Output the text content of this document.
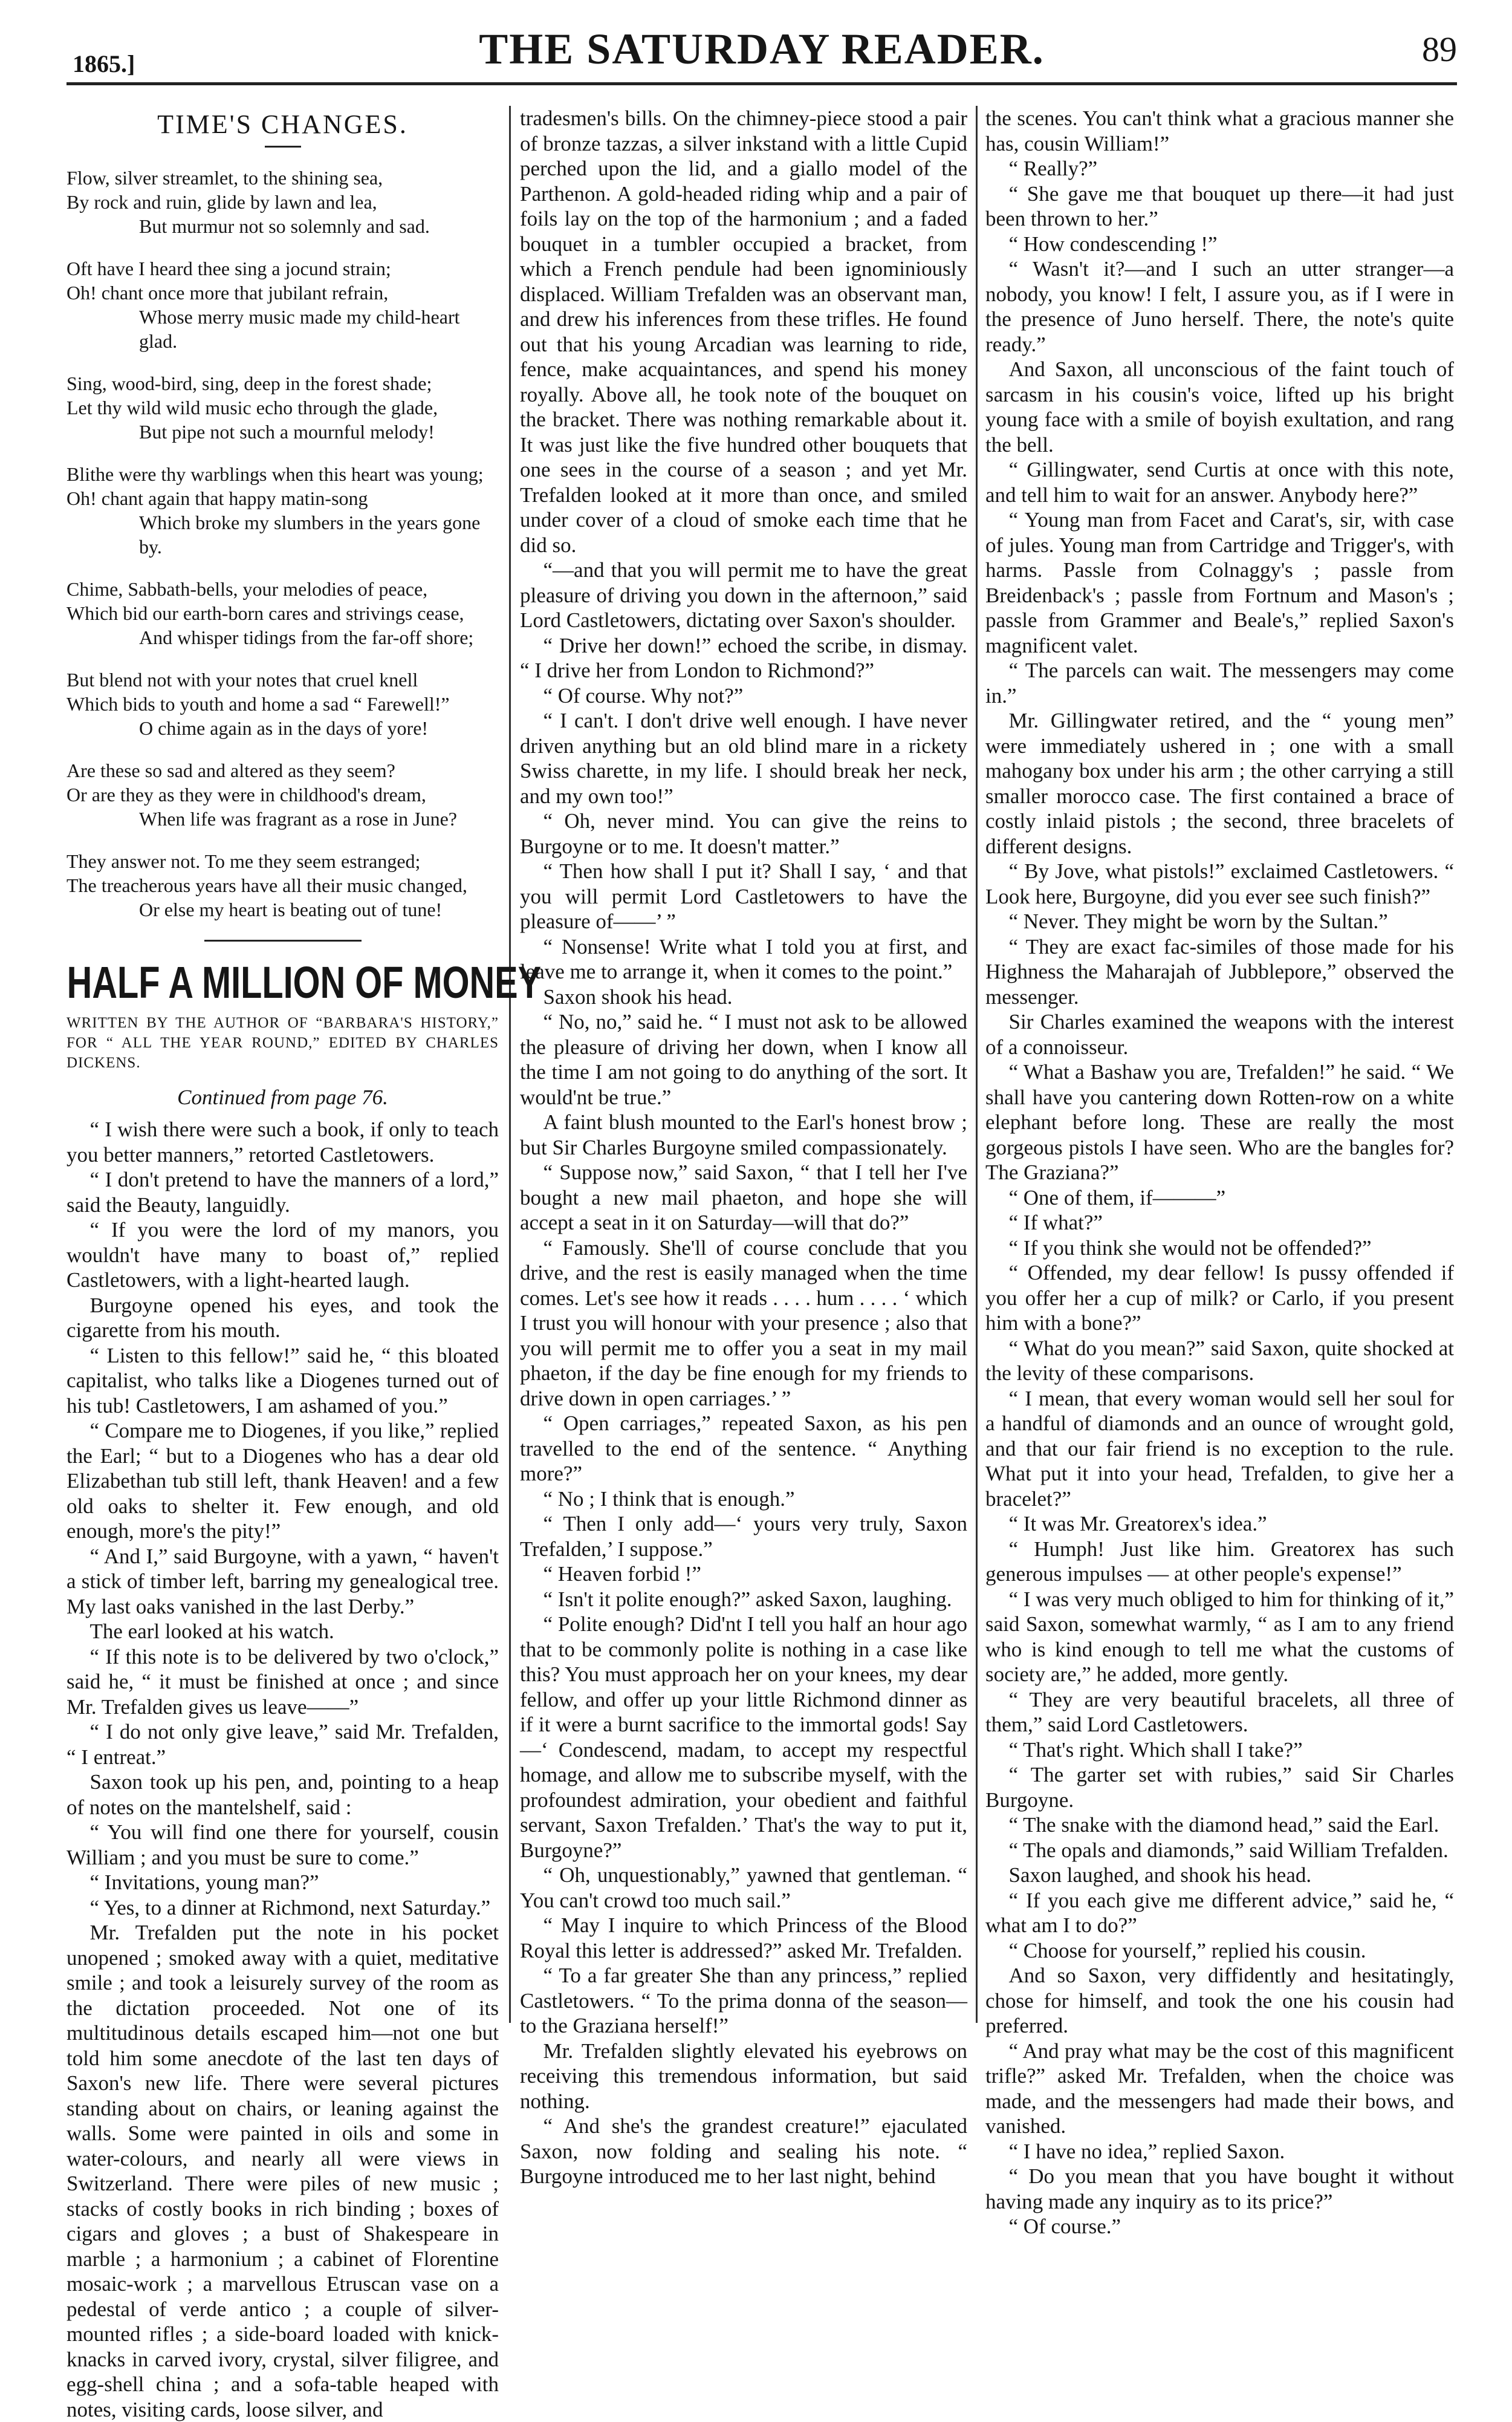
1865.]	THE SATURDAY READER.	89
TIME'S CHANGES.
Flow, silver streamlet, to the shining sea,
By rock and ruin, glide by lawn and lea,
But murmur not so solemnly and sad.
Oft have I heard thee sing a jocund strain;
Oh! chant once more that jubilant refrain,
Whose merry music made my child-heart glad.
Sing, wood-bird, sing, deep in the forest shade;
Let thy wild wild music echo through the glade,
But pipe not such a mournful melody!
Blithe were thy warblings when this heart was young;
Oh! chant again that happy matin-song
Which broke my slumbers in the years gone by.
Chime, Sabbath-bells, your melodies of peace,
Which bid our earth-born cares and strivings cease,
And whisper tidings from the far-off shore;
But blend not with your notes that cruel knell
Which bids to youth and home a sad “ Farewell!”
O chime again as in the days of yore!
Are these so sad and altered as they seem?
Or are they as they were in childhood's dream,
When life was fragrant as a rose in June?
They answer not. To me they seem estranged;
The treacherous years have all their music changed,
Or else my heart is beating out of tune!
HALF A MILLION OF MONEY
WRITTEN BY THE AUTHOR OF “BARBARA'S HISTORY,” FOR “ ALL THE YEAR ROUND,” EDITED BY CHARLES DICKENS.
Continued from page 76.

“ I wish there were such a book, if only to teach you better manners,” retorted Castletowers.

“ I don't pretend to have the manners of a lord,” said the Beauty, languidly.

“ If you were the lord of my manors, you wouldn't have many to boast of,” replied Castletowers, with a light-hearted laugh.

Burgoyne opened his eyes, and took the cigarette from his mouth.

“ Listen to this fellow!” said he, “ this bloated capitalist, who talks like a Diogenes turned out of his tub! Castletowers, I am ashamed of you.”

“ Compare me to Diogenes, if you like,” replied the Earl; “ but to a Diogenes who has a dear old Elizabethan tub still left, thank Heaven! and a few old oaks to shelter it. Few enough, and old enough, more's the pity!”

“ And I,” said Burgoyne, with a yawn, “ haven't a stick of timber left, barring my genealogical tree. My last oaks vanished in the last Derby.”

The earl looked at his watch.

“ If this note is to be delivered by two o'clock,” said he, “ it must be finished at once ; and since Mr. Trefalden gives us leave——”

“ I do not only give leave,” said Mr. Trefalden, “ I entreat.”

Saxon took up his pen, and, pointing to a heap of notes on the mantelshelf, said :

“ You will find one there for yourself, cousin William ; and you must be sure to come.”

“ Invitations, young man?”

“ Yes, to a dinner at Richmond, next Saturday.”

Mr. Trefalden put the note in his pocket unopened ; smoked away with a quiet, meditative smile ; and took a leisurely survey of the room as the dictation proceeded. Not one of its multitudinous details escaped him—not one but told him some anecdote of the last ten days of Saxon's new life. There were several pictures standing about on chairs, or leaning against the walls. Some were painted in oils and some in water-colours, and nearly all were views in Switzerland. There were piles of new music ; stacks of costly books in rich binding ; boxes of cigars and gloves ; a bust of Shakespeare in marble ; a harmonium ; a cabinet of Florentine mosaic-work ; a marvellous Etruscan vase on a pedestal of verde antico ; a couple of silver-mounted rifles ; a side-board loaded with knick-knacks in carved ivory, crystal, silver filigree, and egg-shell china ; and a sofa-table heaped with notes, visiting cards, loose silver, and

tradesmen's bills. On the chimney-piece stood a pair of bronze tazzas, a silver inkstand with a little Cupid perched upon the lid, and a giallo model of the Parthenon. A gold-headed riding whip and a pair of foils lay on the top of the harmonium ; and a faded bouquet in a tumbler occupied a bracket, from which a French pendule had been ignominiously displaced. William Trefalden was an observant man, and drew his inferences from these trifles. He found out that his young Arcadian was learning to ride, fence, make acquaintances, and spend his money royally. Above all, he took note of the bouquet on the bracket. There was nothing remarkable about it. It was just like the five hundred other bouquets that one sees in the course of a season ; and yet Mr. Trefalden looked at it more than once, and smiled under cover of a cloud of smoke each time that he did so.

“—and that you will permit me to have the great pleasure of driving you down in the afternoon,” said Lord Castletowers, dictating over Saxon's shoulder.

“ Drive her down!” echoed the scribe, in dismay. “ I drive her from London to Richmond?”

“ Of course. Why not?”

“ I can't. I don't drive well enough. I have never driven anything but an old blind mare in a rickety Swiss charette, in my life. I should break her neck, and my own too!”

“ Oh, never mind. You can give the reins to Burgoyne or to me. It doesn't matter.”

“ Then how shall I put it? Shall I say, ‘ and that you will permit Lord Castletowers to have the pleasure of——’ ”

“ Nonsense! Write what I told you at first, and leave me to arrange it, when it comes to the point.”

Saxon shook his head.

“ No, no,” said he. “ I must not ask to be allowed the pleasure of driving her down, when I know all the time I am not going to do anything of the sort. It would'nt be true.”

A faint blush mounted to the Earl's honest brow ; but Sir Charles Burgoyne smiled compassionately.

“ Suppose now,” said Saxon, “ that I tell her I've bought a new mail phaeton, and hope she will accept a seat in it on Saturday—will that do?”

“ Famously. She'll of course conclude that you drive, and the rest is easily managed when the time comes. Let's see how it reads . . . . hum . . . . ‘ which I trust you will honour with your presence ; also that you will permit me to offer you a seat in my mail phaeton, if the day be fine enough for my friends to drive down in open carriages.’ ”

“ Open carriages,” repeated Saxon, as his pen travelled to the end of the sentence. “ Anything more?”

“ No ; I think that is enough.”

“ Then I only add—‘ yours very truly, Saxon Trefalden,’ I suppose.”

“ Heaven forbid !”

“ Isn't it polite enough?” asked Saxon, laughing.

“ Polite enough? Did'nt I tell you half an hour ago that to be commonly polite is nothing in a case like this? You must approach her on your knees, my dear fellow, and offer up your little Richmond dinner as if it were a burnt sacrifice to the immortal gods! Say—‘ Condescend, madam, to accept my respectful homage, and allow me to subscribe myself, with the profoundest admiration, your obedient and faithful servant, Saxon Trefalden.’ That's the way to put it, Burgoyne?”

“ Oh, unquestionably,” yawned that gentleman. “ You can't crowd too much sail.”

“ May I inquire to which Princess of the Blood Royal this letter is addressed?” asked Mr. Trefalden.

“ To a far greater She than any princess,” replied Castletowers. “ To the prima donna of the season—to the Graziana herself!”

Mr. Trefalden slightly elevated his eyebrows on receiving this tremendous information, but said nothing.

“ And she's the grandest creature!” ejaculated Saxon, now folding and sealing his note. “ Burgoyne introduced me to her last night, behind

the scenes. You can't think what a gracious manner she has, cousin William!”

“ Really?”

“ She gave me that bouquet up there—it had just been thrown to her.”

“ How condescending !”

“ Wasn't it?—and I such an utter stranger—a nobody, you know! I felt, I assure you, as if I were in the presence of Juno herself. There, the note's quite ready.”

And Saxon, all unconscious of the faint touch of sarcasm in his cousin's voice, lifted up his bright young face with a smile of boyish exultation, and rang the bell.

“ Gillingwater, send Curtis at once with this note, and tell him to wait for an answer. Anybody here?”

“ Young man from Facet and Carat's, sir, with case of jules. Young man from Cartridge and Trigger's, with harms. Passle from Colnaggy's ; passle from Breidenback's ; passle from Fortnum and Mason's ; passle from Grammer and Beale's,” replied Saxon's magnificent valet.

“ The parcels can wait. The messengers may come in.”

Mr. Gillingwater retired, and the “ young men” were immediately ushered in ; one with a small mahogany box under his arm ; the other carrying a still smaller morocco case. The first contained a brace of costly inlaid pistols ; the second, three bracelets of different designs.

“ By Jove, what pistols!” exclaimed Castletowers. “ Look here, Burgoyne, did you ever see such finish?”

“ Never. They might be worn by the Sultan.”

“ They are exact fac-similes of those made for his Highness the Maharajah of Jubblepore,” observed the messenger.

Sir Charles examined the weapons with the interest of a connoisseur.

“ What a Bashaw you are, Trefalden!” he said. “ We shall have you cantering down Rotten-row on a white elephant before long. These are really the most gorgeous pistols I have seen. Who are the bangles for? The Graziana?”

“ One of them, if———”

“ If what?”

“ If you think she would not be offended?”

“ Offended, my dear fellow! Is pussy offended if you offer her a cup of milk? or Carlo, if you present him with a bone?”

“ What do you mean?” said Saxon, quite shocked at the levity of these comparisons.

“ I mean, that every woman would sell her soul for a handful of diamonds and an ounce of wrought gold, and that our fair friend is no exception to the rule. What put it into your head, Trefalden, to give her a bracelet?”

“ It was Mr. Greatorex's idea.”

“ Humph! Just like him. Greatorex has such generous impulses — at other people's expense!”

“ I was very much obliged to him for thinking of it,” said Saxon, somewhat warmly, “ as I am to any friend who is kind enough to tell me what the customs of society are,” he added, more gently.

“ They are very beautiful bracelets, all three of them,” said Lord Castletowers.

“ That's right. Which shall I take?”

“ The garter set with rubies,” said Sir Charles Burgoyne.

“ The snake with the diamond head,” said the Earl.

“ The opals and diamonds,” said William Trefalden.

Saxon laughed, and shook his head.

“ If you each give me different advice,” said he, “ what am I to do?”

“ Choose for yourself,” replied his cousin.

And so Saxon, very diffidently and hesitatingly, chose for himself, and took the one his cousin had preferred.

“ And pray what may be the cost of this magnificent trifle?” asked Mr. Trefalden, when the choice was made, and the messengers had made their bows, and vanished.

“ I have no idea,” replied Saxon.

“ Do you mean that you have bought it without having made any inquiry as to its price?”

“ Of course.”
